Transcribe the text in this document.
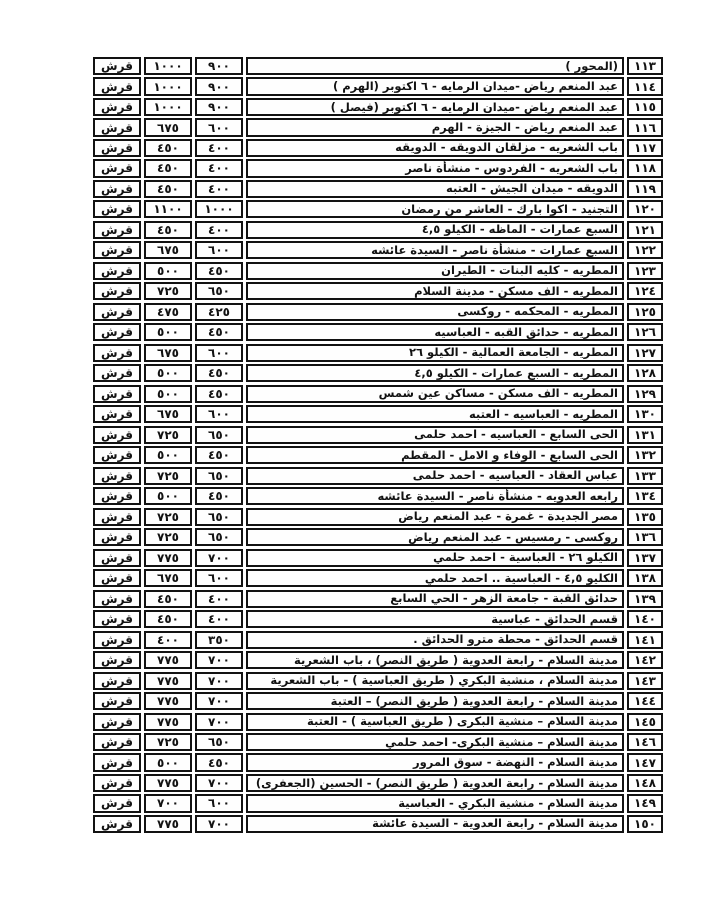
قرش	١٠٠٠	٩٠٠	(المحور )	١١٣
قرش	١٠٠٠	٩٠٠	عبد المنعم رياض -ميدان الرمايه - ٦ اكتوبر (الهرم )	١١٤
قرش	١٠٠٠	٩٠٠	عبد المنعم رياض -ميدان الرمايه - ٦ اكتوبر (فيصل )	١١٥
قرش	٦٧٥	٦٠٠	عبد المنعم رياض - الجيزة - الهرم	١١٦
قرش	٤٥٠	٤٠٠	باب الشعريه - مزلقان الدويقه - الدويقه	١١٧
قرش	٤٥٠	٤٠٠	باب الشعريه - الفردوس - منشأة ناصر	١١٨
قرش	٤٥٠	٤٠٠	الدويقه - ميدان الجيش - العتبه	١١٩
قرش	١١٠٠	١٠٠٠	التجنيد - اكوا بارك - العاشر من رمضان	١٢٠
قرش	٤٥٠	٤٠٠	السبع عمارات - الماظه - الكيلو ٤,٥	١٢١
قرش	٦٧٥	٦٠٠	السبع عمارات - منشأة ناصر - السيدة عائشه	١٢٢
قرش	٥٠٠	٤٥٠	المطريه - كليه البنات - الطيران	١٢٣
قرش	٧٢٥	٦٥٠	المطريه - الف مسكن - مدينة السلام	١٢٤
قرش	٤٧٥	٤٢٥	المطريه - المحكمه - روكسى	١٢٥
قرش	٥٠٠	٤٥٠	المطريه - حدائق القبه - العباسيه	١٢٦
قرش	٦٧٥	٦٠٠	المطريه - الجامعة العمالية - الكيلو ٢٦	١٢٧
قرش	٥٠٠	٤٥٠	المطريه - السبع عمارات - الكيلو ٤,٥	١٢٨
قرش	٥٠٠	٤٥٠	المطريه - الف مسكن - مساكن عين شمس	١٢٩
قرش	٦٧٥	٦٠٠	المطريه - العباسيه - العتبه	١٣٠
قرش	٧٢٥	٦٥٠	الحى السابع - العباسيه - احمد حلمى	١٣١
قرش	٥٠٠	٤٥٠	الحى السابع - الوفاء و الامل - المقطم	١٣٢
قرش	٧٢٥	٦٥٠	عباس العقاد - العباسيه - احمد حلمى	١٣٣
قرش	٥٠٠	٤٥٠	رابعه العدويه - منشأة ناصر - السيدة عائشه	١٣٤
قرش	٧٢٥	٦٥٠	مصر الجديدة - غمرة - عبد المنعم رياض	١٣٥
قرش	٧٢٥	٦٥٠	روكسى - رمسيس - عبد المنعم رياض	١٣٦
قرش	٧٧٥	٧٠٠	الكيلو ٢٦ - العباسية - احمد حلمي	١٣٧
قرش	٦٧٥	٦٠٠	الكليو ٤,٥ - العباسية .. احمد حلمي	١٣٨
قرش	٤٥٠	٤٠٠	حدائق القبة - جامعة الزهر - الحي السابع	١٣٩
قرش	٤٥٠	٤٠٠	قسم الحدائق - عباسية	١٤٠
قرش	٤٠٠	٣٥٠	قسم الحدائق - محطة مترو الحدائق .	١٤١
قرش	٧٧٥	٧٠٠	مدينة السلام - رابعة العدوية ( طريق النصر) ، باب الشعرية	١٤٢
قرش	٧٧٥	٧٠٠	مدينة السلام ، منشية البكري ( طريق العباسية ) - باب الشعرية	١٤٣
قرش	٧٧٥	٧٠٠	مدينة السلام - رابعة العدوية ( طريق النصر) – العتبة	١٤٤
قرش	٧٧٥	٧٠٠	مدينة السلام – منشية البكرى ( طريق العباسية ) - العتبة	١٤٥
قرش	٧٢٥	٦٥٠	مدينة السلام – منشية البكرى- احمد حلمي	١٤٦
قرش	٥٠٠	٤٥٠	مدينة السلام - النهضة - سوق المرور	١٤٧
قرش	٧٧٥	٧٠٠	مدينة السلام - رابعة العدوية ( طريق النصر) - الحسين (الجعفرى)	١٤٨
قرش	٧٠٠	٦٠٠	مدينة السلام - منشية البكري - العباسية	١٤٩
قرش	٧٧٥	٧٠٠	مدينة السلام - رابعة العدوية - السيدة عائشة	١٥٠
